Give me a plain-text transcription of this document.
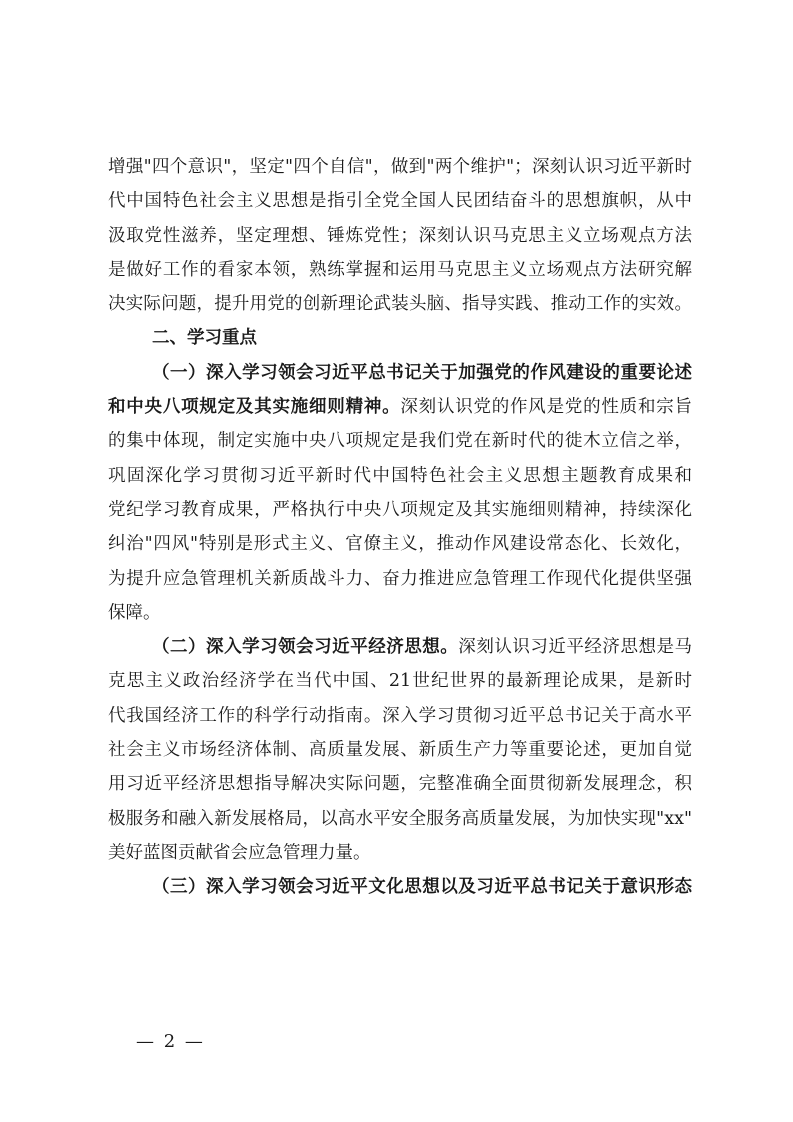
增强"四个意识"，坚定"四个自信"，做到"两个维护"；深刻认识习近平新时
代中国特色社会主义思想是指引全党全国人民团结奋斗的思想旗帜，从中
汲取党性滋养，坚定理想、锤炼党性；深刻认识马克思主义立场观点方法
是做好工作的看家本领，熟练掌握和运用马克思主义立场观点方法研究解
决实际问题，提升用党的创新理论武装头脑、指导实践、推动工作的实效。
二、学习重点
（一）深入学习领会习近平总书记关于加强党的作风建设的重要论述
和中央八项规定及其实施细则精神。深刻认识党的作风是党的性质和宗旨
的集中体现，制定实施中央八项规定是我们党在新时代的徙木立信之举，
巩固深化学习贯彻习近平新时代中国特色社会主义思想主题教育成果和
党纪学习教育成果，严格执行中央八项规定及其实施细则精神，持续深化
纠治"四风"特别是形式主义、官僚主义，推动作风建设常态化、长效化，
为提升应急管理机关新质战斗力、奋力推进应急管理工作现代化提供坚强
保障。
（二）深入学习领会习近平经济思想。深刻认识习近平经济思想是马
克思主义政治经济学在当代中国、21世纪世界的最新理论成果，是新时
代我国经济工作的科学行动指南。深入学习贯彻习近平总书记关于高水平
社会主义市场经济体制、高质量发展、新质生产力等重要论述，更加自觉
用习近平经济思想指导解决实际问题，完整准确全面贯彻新发展理念，积
极服务和融入新发展格局，以高水平安全服务高质量发展，为加快实现"xx"
美好蓝图贡献省会应急管理力量。
（三）深入学习领会习近平文化思想以及习近平总书记关于意识形态
— 2 —
